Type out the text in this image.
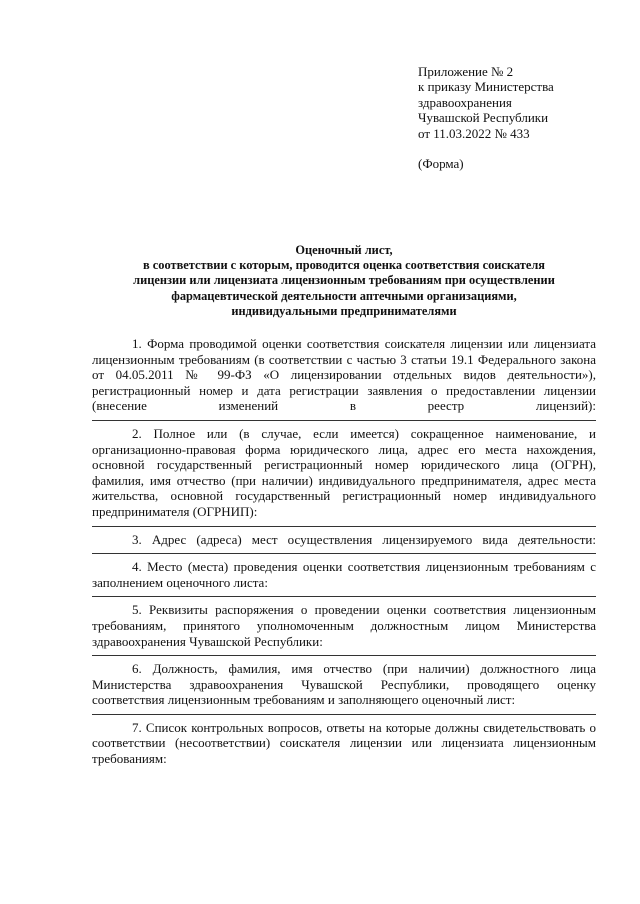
Приложение № 2
к приказу Министерства
здравоохранения
Чувашской Республики
от 11.03.2022 № 433
(Форма)
Оценочный лист,
в соответствии с которым, проводится оценка соответствия соискателя
лицензии или лицензиата лицензионным требованиям при осуществлении
фармацевтической деятельности аптечными организациями,
индивидуальными предпринимателями

1. Форма проводимой оценки соответствия соискателя лицензии или лицензиата лицензионным требованиям (в соответствии с частью 3 статьи 19.1 Федерального закона от 04.05.2011 № 99-ФЗ «О лицензировании отдельных видов деятельности»), регистрационный номер и дата регистрации заявления о предоставлении лицензии (внесение изменений в реестр лицензий):

2. Полное или (в случае, если имеется) сокращенное наименование, и организационно-правовая форма юридического лица, адрес его места нахождения, основной государственный регистрационный номер юридического лица (ОГРН), фамилия, имя отчество (при наличии) индивидуального предпринимателя, адрес места жительства, основной государственный регистрационный номер индивидуального предпринимателя (ОГРНИП):

3. Адрес (адреса) мест осуществления лицензируемого вида деятельности:

4. Место (места) проведения оценки соответствия лицензионным требованиям с заполнением оценочного листа:

5. Реквизиты распоряжения о проведении оценки соответствия лицензионным требованиям, принятого уполномоченным должностным лицом Министерства здравоохранения Чувашской Республики:

6. Должность, фамилия, имя отчество (при наличии) должностного лица Министерства здравоохранения Чувашской Республики, проводящего оценку соответствия лицензионным требованиям и заполняющего оценочный лист:

7. Список контрольных вопросов, ответы на которые должны свидетельствовать о соответствии (несоответствии) соискателя лицензии или лицензиата лицензионным требованиям:
